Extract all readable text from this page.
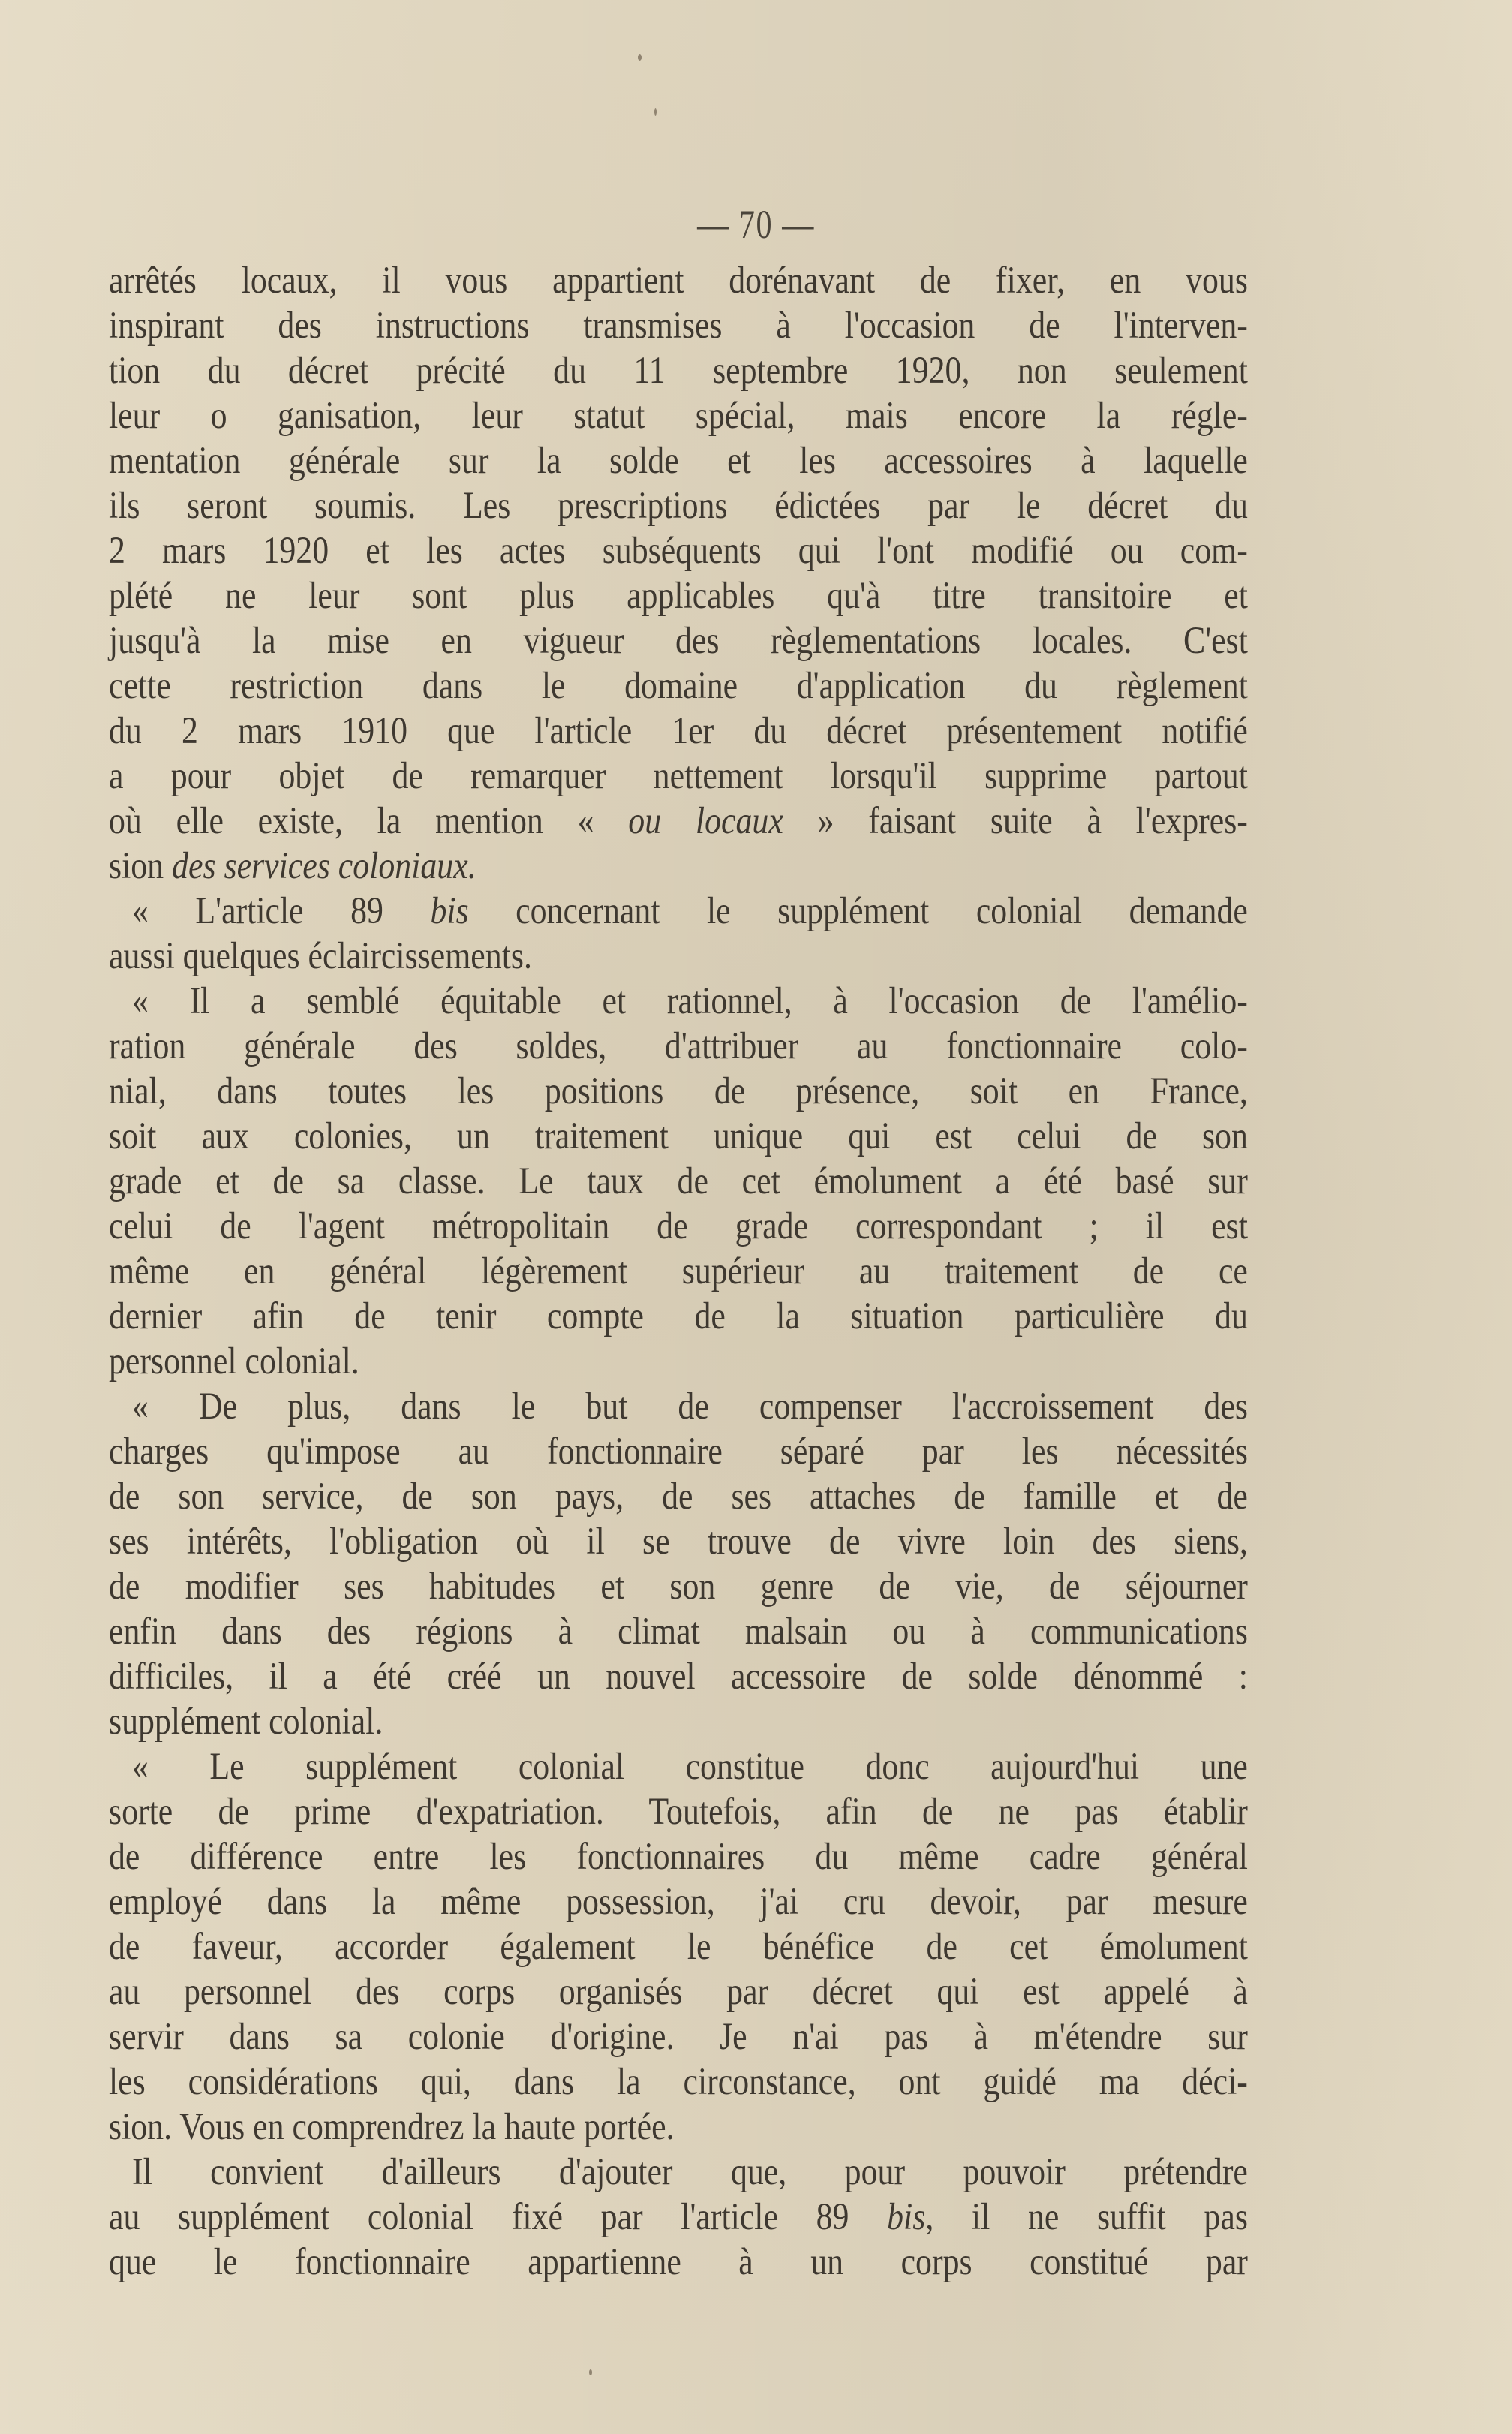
— 70 —
arrêtés locaux, il vous appartient dorénavant de fixer, en vous
inspirant des instructions transmises à l'occasion de l'interven-
tion du décret précité du 11 septembre 1920, non seulement
leur o ganisation, leur statut spécial, mais encore la régle-
mentation générale sur la solde et les accessoires à laquelle
ils seront soumis. Les prescriptions édictées par le décret du
2 mars 1920 et les actes subséquents qui l'ont modifié ou com-
plété ne leur sont plus applicables qu'à titre transitoire et
jusqu'à la mise en vigueur des règlementations locales. C'est
cette restriction dans le domaine d'application du règlement
du 2 mars 1910 que l'article 1er du décret présentement notifié
a pour objet de remarquer nettement lorsqu'il supprime partout
où elle existe, la mention « ou locaux » faisant suite à l'expres-
sion des services coloniaux.
« L'article 89 bis concernant le supplément colonial demande
aussi quelques éclaircissements.
« Il a semblé équitable et rationnel, à l'occasion de l'amélio-
ration générale des soldes, d'attribuer au fonctionnaire colo-
nial, dans toutes les positions de présence, soit en France,
soit aux colonies, un traitement unique qui est celui de son
grade et de sa classe. Le taux de cet émolument a été basé sur
celui de l'agent métropolitain de grade correspondant ; il est
même en général légèrement supérieur au traitement de ce
dernier afin de tenir compte de la situation particulière du
personnel colonial.
« De plus, dans le but de compenser l'accroissement des
charges qu'impose au fonctionnaire séparé par les nécessités
de son service, de son pays, de ses attaches de famille et de
ses intérêts, l'obligation où il se trouve de vivre loin des siens,
de modifier ses habitudes et son genre de vie, de séjourner
enfin dans des régions à climat malsain ou à communications
difficiles, il a été créé un nouvel accessoire de solde dénommé :
supplément colonial.
« Le supplément colonial constitue donc aujourd'hui une
sorte de prime d'expatriation. Toutefois, afin de ne pas établir
de différence entre les fonctionnaires du même cadre général
employé dans la même possession, j'ai cru devoir, par mesure
de faveur, accorder également le bénéfice de cet émolument
au personnel des corps organisés par décret qui est appelé à
servir dans sa colonie d'origine. Je n'ai pas à m'étendre sur
les considérations qui, dans la circonstance, ont guidé ma déci-
sion. Vous en comprendrez la haute portée.
Il convient d'ailleurs d'ajouter que, pour pouvoir prétendre
au supplément colonial fixé par l'article 89 bis, il ne suffit pas
que le fonctionnaire appartienne à un corps constitué par
